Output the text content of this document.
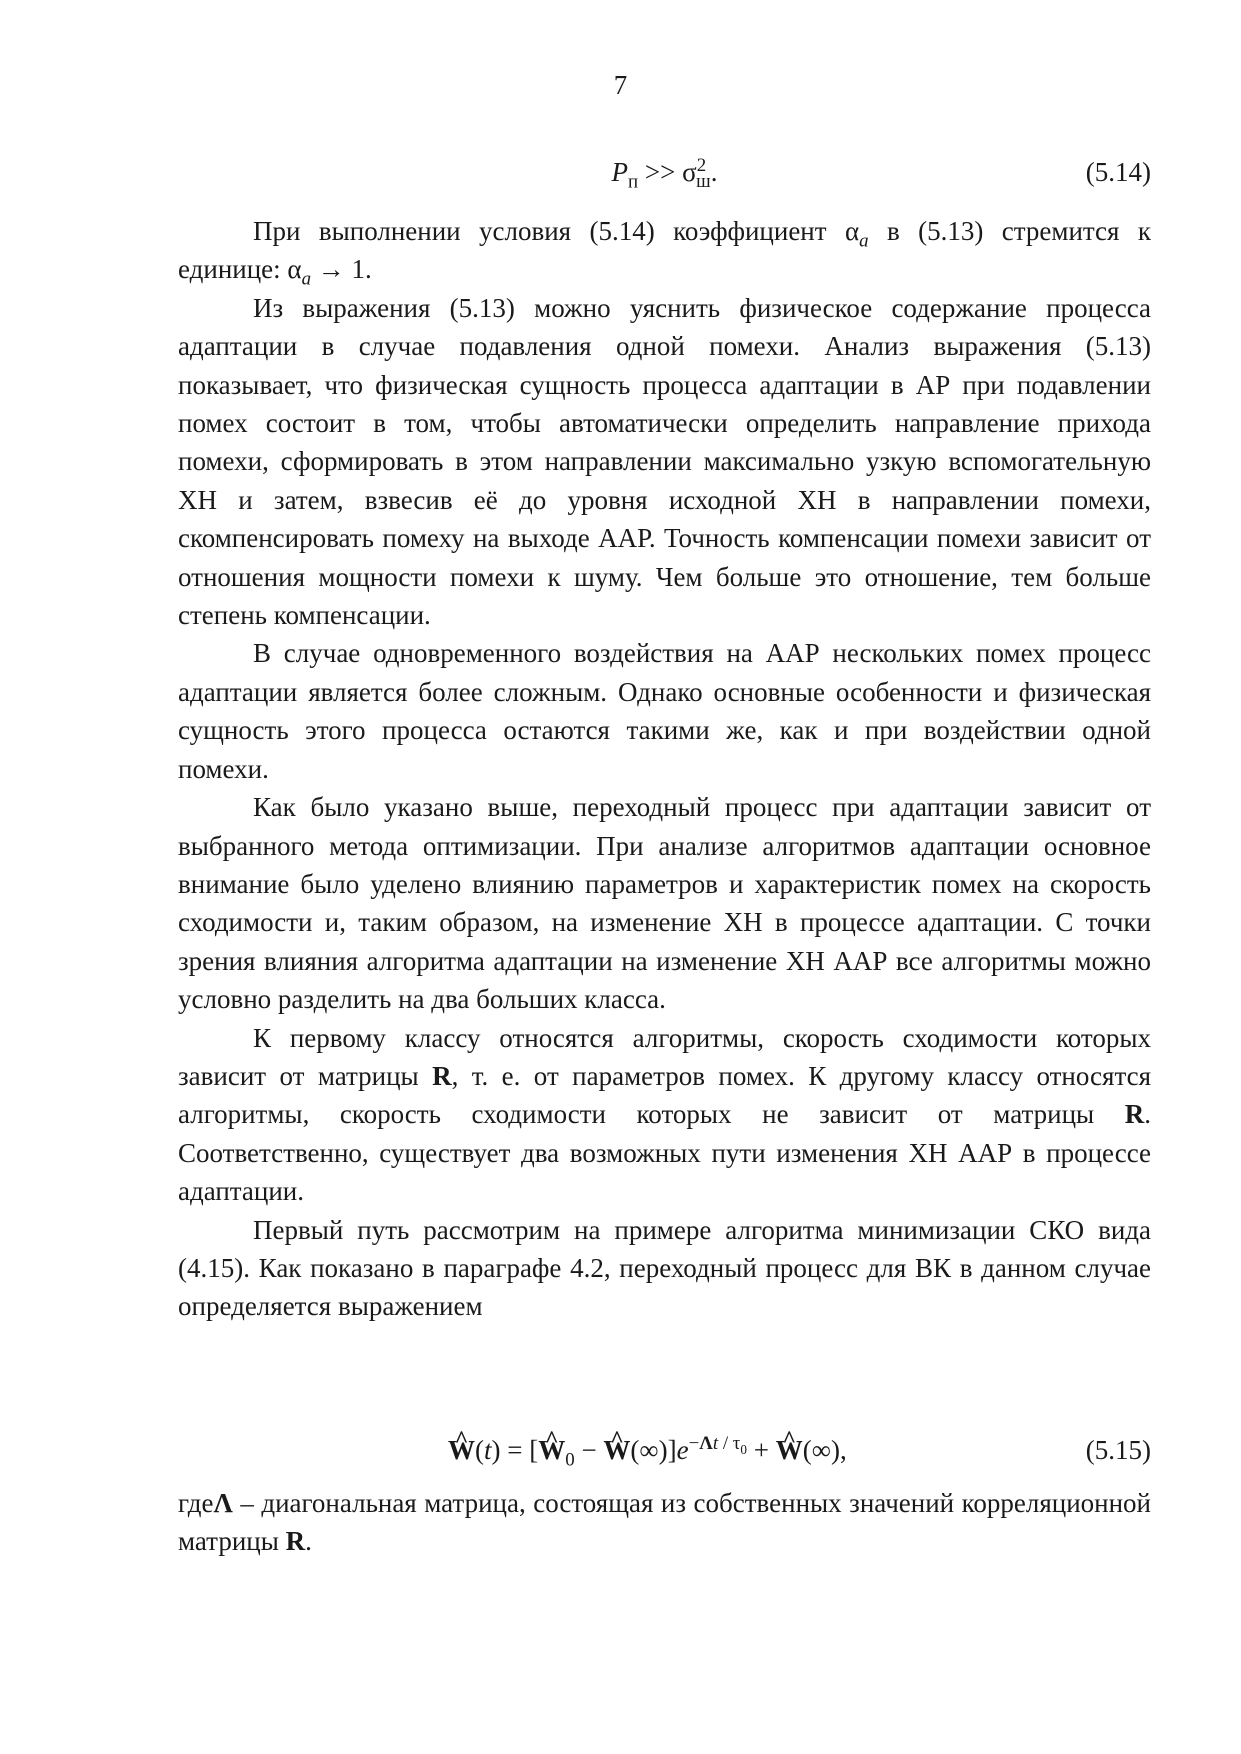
7
$P_п >> \sigma^2_ш$.	(5.14)

При выполнении условия (5.14) коэффициент $\alpha_a$ в (5.13) стремится к единице: $\alpha_a \to 1$.

Из выражения (5.13) можно уяснить физическое содержание процесса адаптации в случае подавления одной помехи. Анализ выражения (5.13) показывает, что физическая сущность процесса адаптации в АР при подавлении помех состоит в том, чтобы автоматически определить направление прихода помехи, сформировать в этом направлении максимально узкую вспомогательную ХН и затем, взвесив её до уровня исходной ХН в направлении помехи, скомпенсировать помеху на выходе ААР. Точность компенсации помехи зависит от отношения мощности помехи к шуму. Чем больше это отношение, тем больше степень компенсации.

В случае одновременного воздействия на ААР нескольких помех процесс адаптации является более сложным. Однако основные особенности и физическая сущность этого процесса остаются такими же, как и при воздействии одной помехи.

Как было указано выше, переходный процесс при адаптации зависит от выбранного метода оптимизации. При анализе алгоритмов адаптации основное внимание было уделено влиянию параметров и характеристик помех на скорость сходимости и, таким образом, на изменение ХН в процессе адаптации. С точки зрения влияния алгоритма адаптации на изменение ХН ААР все алгоритмы можно условно разделить на два больших класса.

К первому классу относятся алгоритмы, скорость сходимости которых зависит от матрицы R, т. е. от параметров помех. К другому классу относятся алгоритмы, скорость сходимости которых не зависит от матрицы R. Соответственно, существует два возможных пути изменения ХН ААР в процессе адаптации.

Первый путь рассмотрим на примере алгоритма минимизации СКО вида (4.15). Как показано в параграфе 4.2, переходный процесс для ВК в данном случае определяется выражением

^ W(t) = [^ $W_0$ − ^ $W(\infty)]e^{-\Lambda t / \tau_0}$ + ^ W(∞),	(5.15)

гдеΛ – диагональная матрица, состоящая из собственных значений корреляционной матрицы R.
